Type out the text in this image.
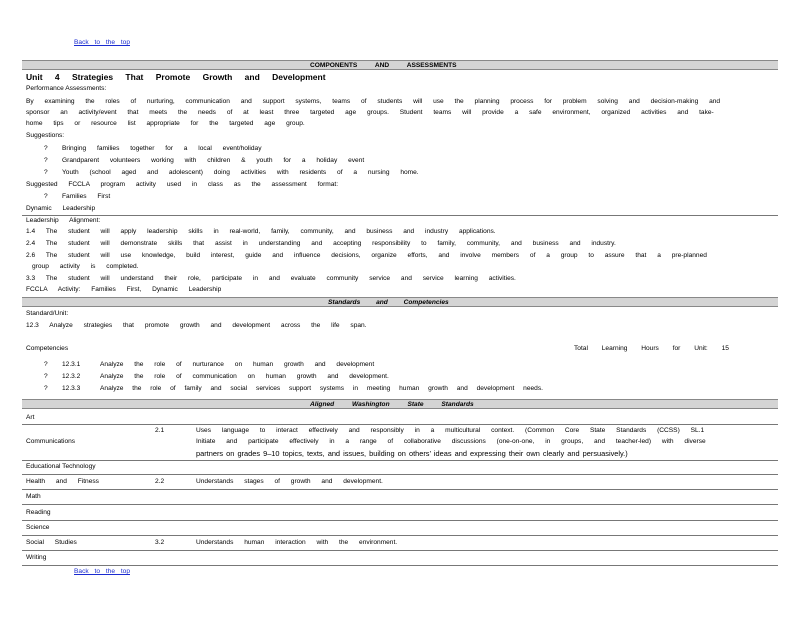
Back to the top
COMPONENTS AND ASSESSMENTS
Unit 4 Strategies That Promote Growth and Development
Performance Assessments:
By examining the roles of nurturing, communication and support systems, teams of students will use the planning process for problem solving and decision-making and
sponsor an activity/event that meets the needs of at least three targeted age groups. Student teams will provide a safe environment, organized activities and take-
home tips or resource list appropriate for the targeted age group.
Suggestions:
? Bringing families together for a local event/holiday
? Grandparent volunteers working with children & youth for a holiday event
? Youth (school aged and adolescent) doing activities with residents of a nursing home.
Suggested FCCLA program activity used in class as the assessment format:
? Families First
Dynamic Leadership
Leadership Alignment:
1.4 The student will apply leadership skills in real-world, family, community, and business and industry applications.
2.4 The student will demonstrate skills that assist in understanding and accepting responsibility to family, community, and business and industry.
2.6 The student will use knowledge, build interest, guide and influence decisions, organize efforts, and involve members of a group to assure that a pre-planned
group activity is completed.
3.3 The student will understand their role, participate in and evaluate community service and service learning activities.
FCCLA Activity: Families First, Dynamic Leadership
Standards and Competencies
Standard/Unit:
12.3 Analyze strategies that promote growth and development across the life span.
Competencies	Total Learning Hours for Unit: 15
? 12.3.1	Analyze the role of nurturance on human growth and development
? 12.3.2	Analyze the role of communication on human growth and development.
? 12.3.3	Analyze the role of family and social services support systems in meeting human growth and development needs.
Aligned Washington State Standards
Art
Communications
2.1	Uses language to interact effectively and responsibly in a multicultural context. (Common Core State Standards (CCSS) SL.1
Initiate and participate effectively in a range of collaborative discussions (one-on-one, in groups, and teacher-led) with diverse
partners on grades 9–10 topics, texts, and issues, building on others’ ideas and expressing their own clearly and persuasively.)
Educational Technology
Health and Fitness	2.2	Understands stages of growth and development.
Math
Reading
Science
Social Studies	3.2	Understands human interaction with the environment.
Writing
Back to the top
